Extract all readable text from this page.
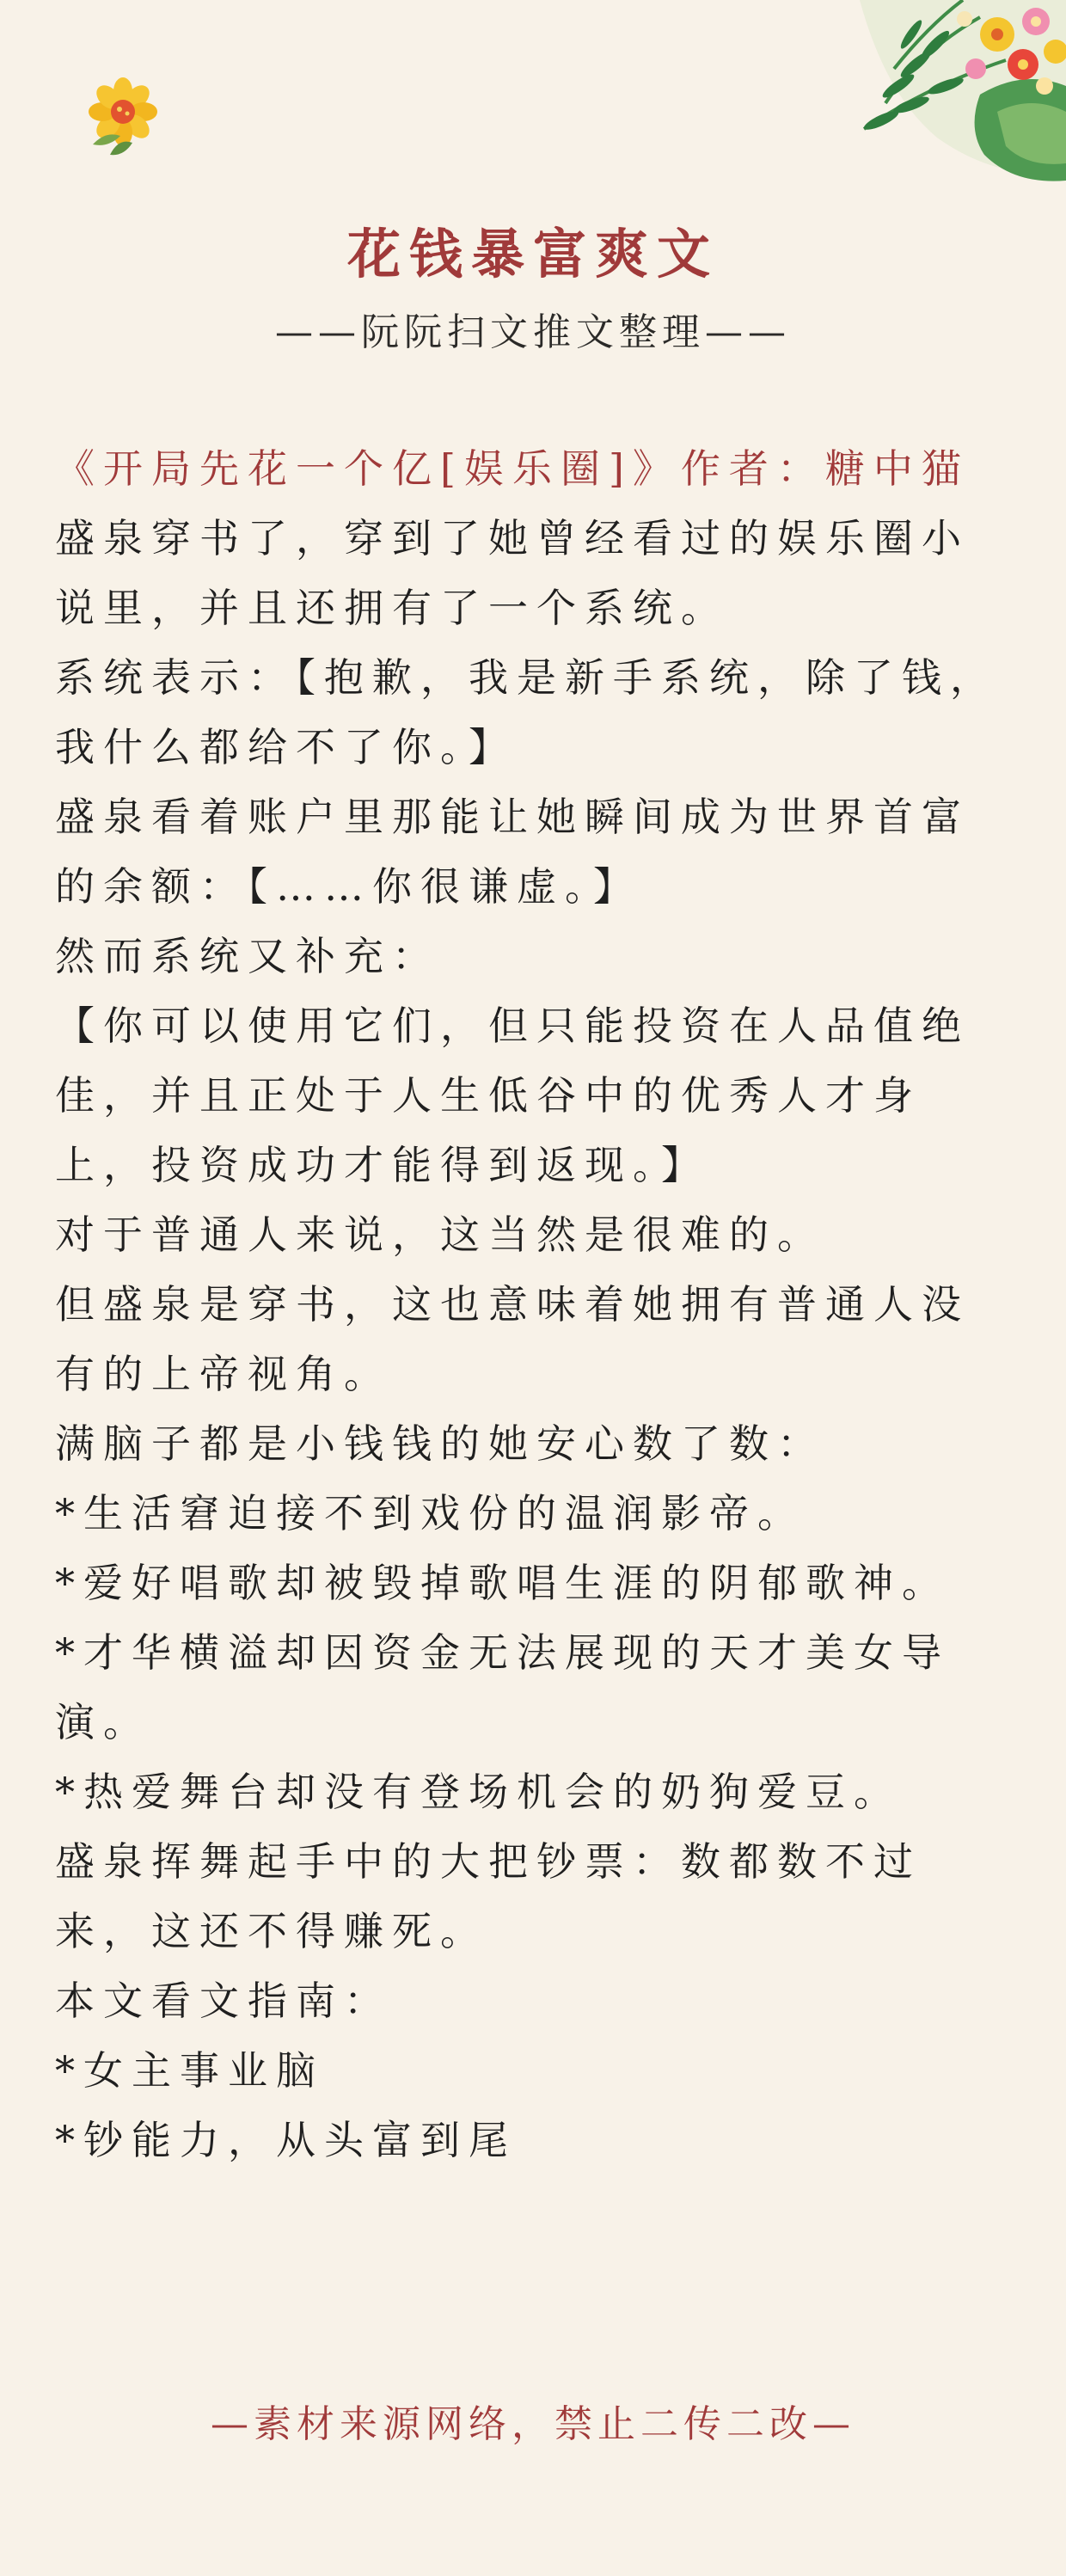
花钱暴富爽文
——阮阮扫文推文整理——

《开局先花一个亿[娱乐圈]》作者：糖中猫

盛泉穿书了，穿到了她曾经看过的娱乐圈小说里，并且还拥有了一个系统。

系统表示：【抱歉，我是新手系统，除了钱，我什么都给不了你。】

盛泉看着账户里那能让她瞬间成为世界首富的余额：【……你很谦虚。】

然而系统又补充：

【你可以使用它们，但只能投资在人品值绝佳，并且正处于人生低谷中的优秀人才身上，投资成功才能得到返现。】

对于普通人来说，这当然是很难的。

但盛泉是穿书，这也意味着她拥有普通人没有的上帝视角。

满脑子都是小钱钱的她安心数了数：

*生活窘迫接不到戏份的温润影帝。

*爱好唱歌却被毁掉歌唱生涯的阴郁歌神。

*才华横溢却因资金无法展现的天才美女导演。

*热爱舞台却没有登场机会的奶狗爱豆。

盛泉挥舞起手中的大把钞票：数都数不过来，这还不得赚死。

本文看文指南：

*女主事业脑

*钞能力，从头富到尾

—素材来源网络，禁止二传二改—
